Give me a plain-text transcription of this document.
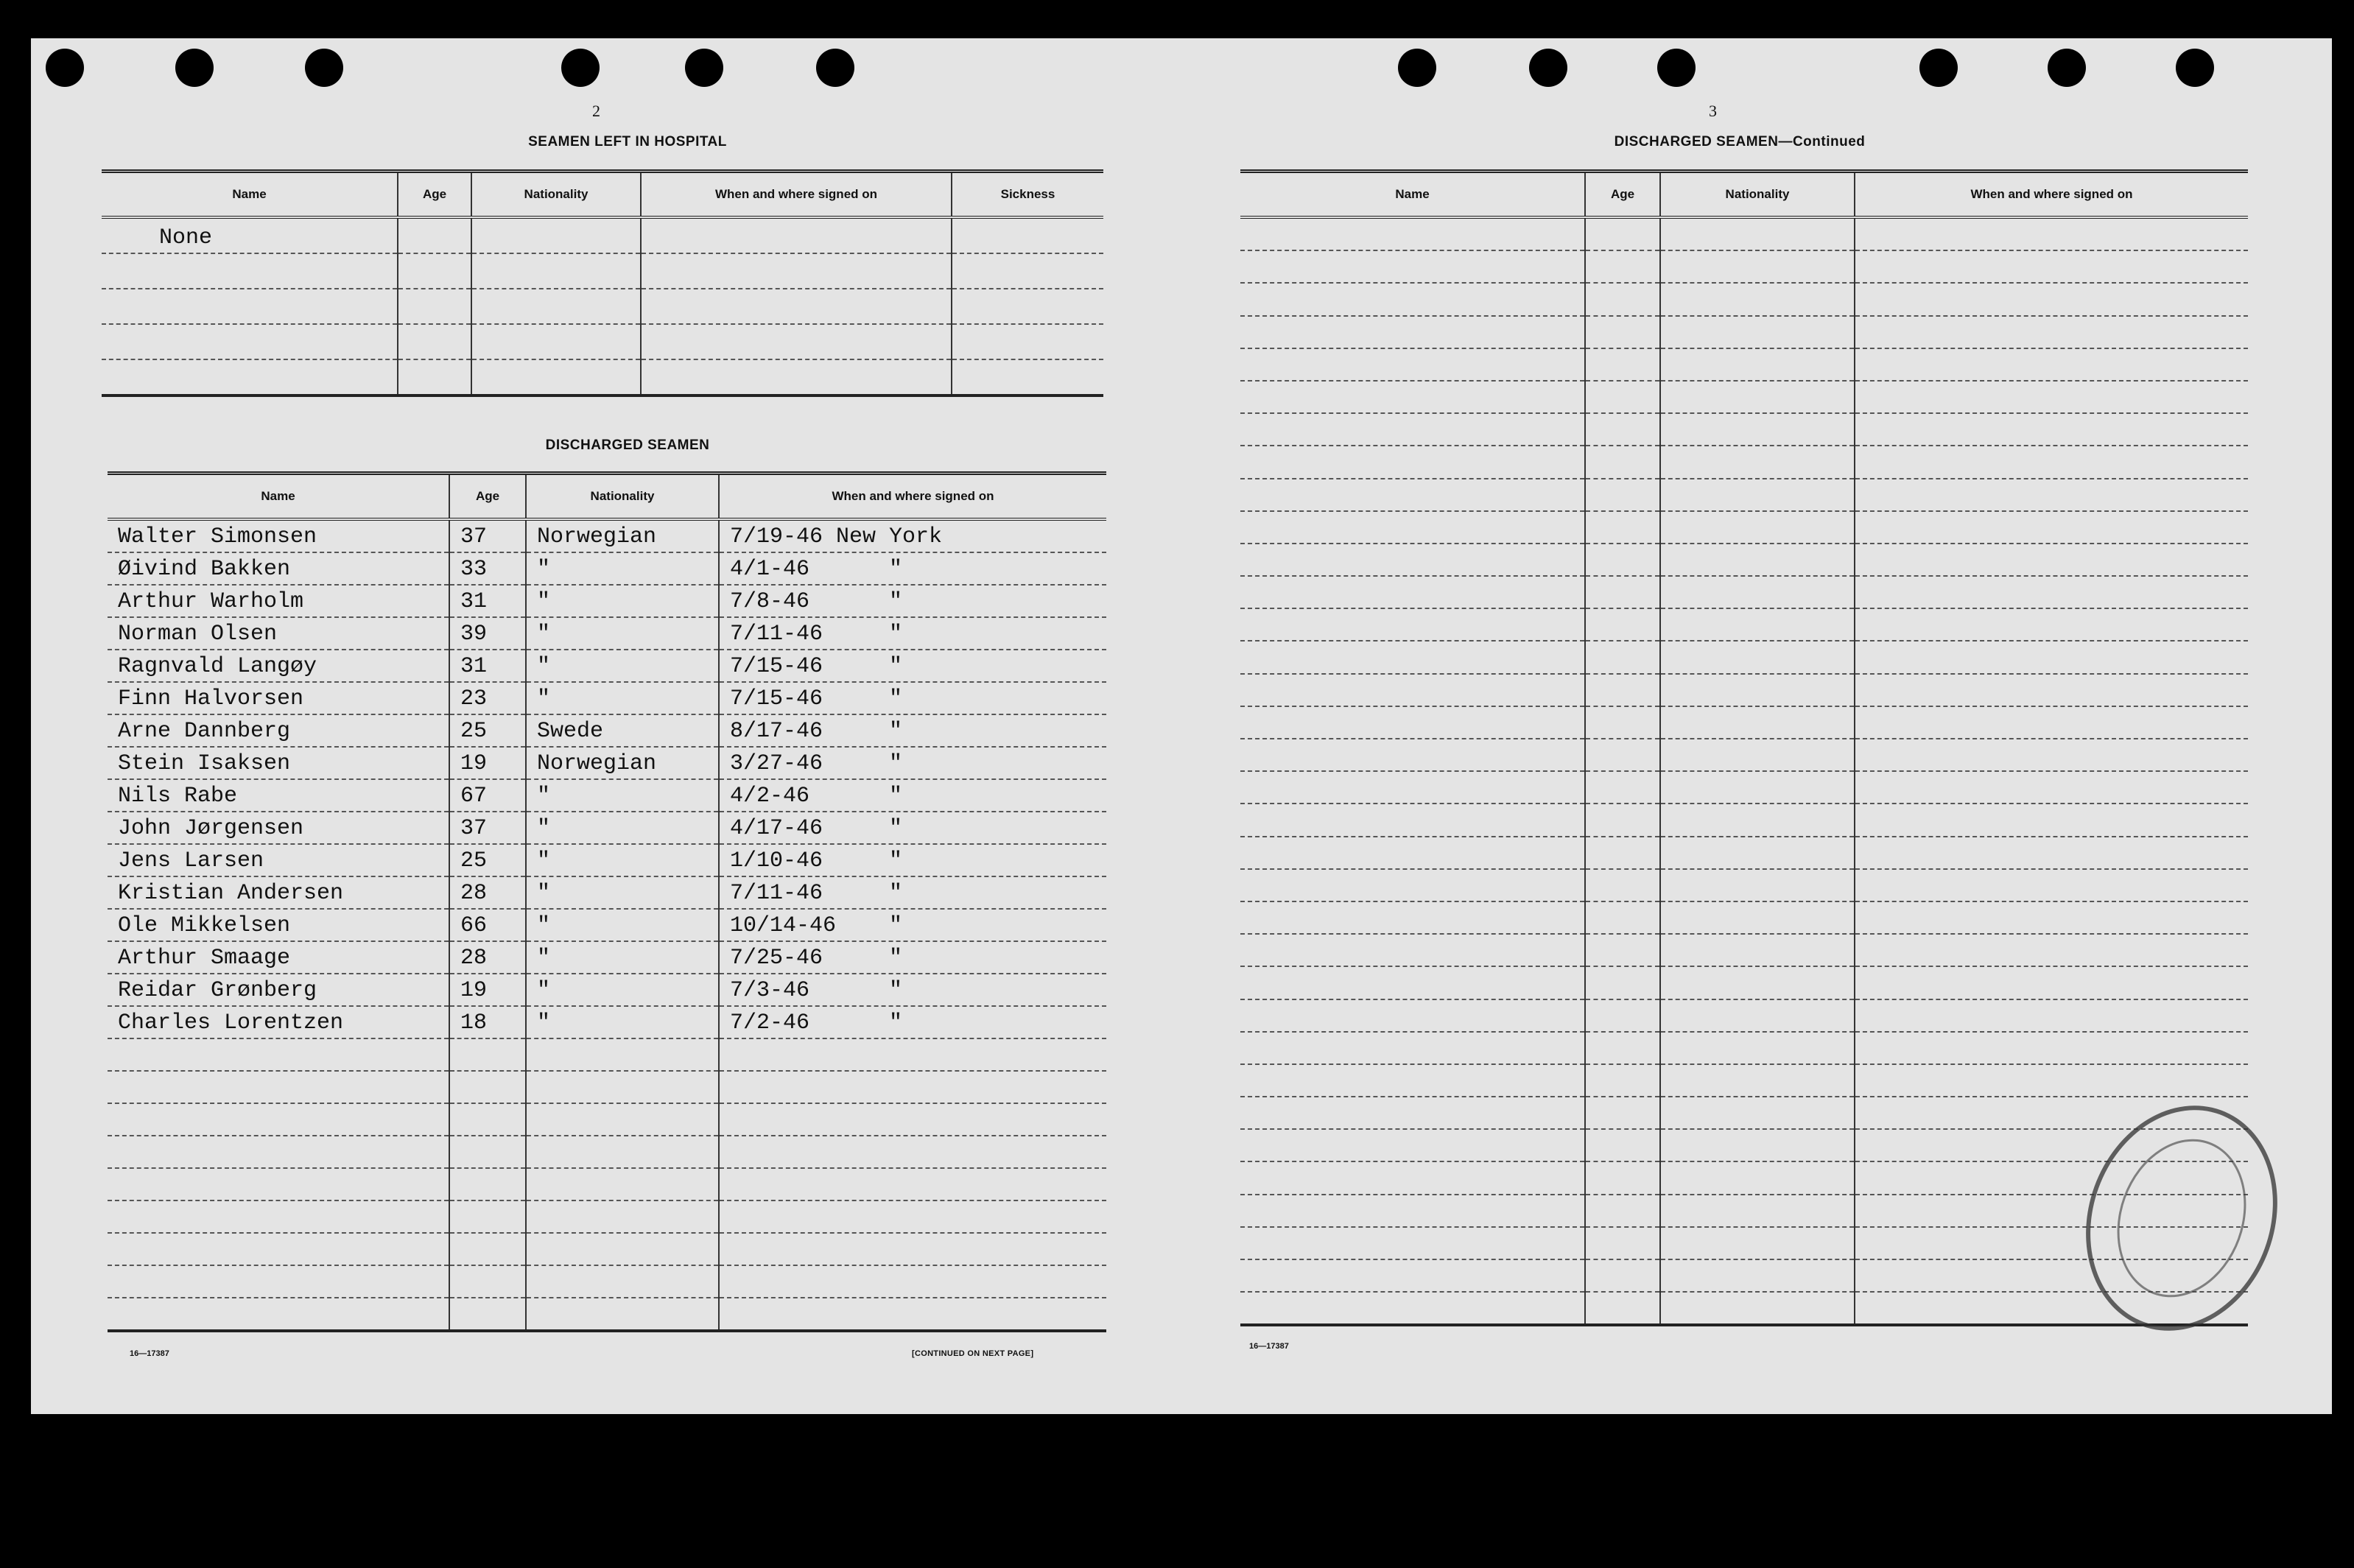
2
SEAMEN LEFT IN HOSPITAL
Name	Age	Nationality	When and where signed on	Sickness
None				

DISCHARGED SEAMEN
Name	Age	Nationality	When and where signed on
Walter Simonsen	37	Norwegian	7/19-46 New York
Øivind Bakken	33	"	4/1-46      "
Arthur Warholm	31	"	7/8-46      "
Norman Olsen	39	"	7/11-46     "
Ragnvald Langøy	31	"	7/15-46     "
Finn Halvorsen	23	"	7/15-46     "
Arne Dannberg	25	Swede	8/17-46     "
Stein Isaksen	19	Norwegian	3/27-46     "
Nils Rabe	67	"	4/2-46      "
John Jørgensen	37	"	4/17-46     "
Jens Larsen	25	"	1/10-46     "
Kristian Andersen	28	"	7/11-46     "
Ole Mikkelsen	66	"	10/14-46    "
Arthur Smaage	28	"	7/25-46     "
Reidar Grønberg	19	"	7/3-46      "
Charles Lorentzen	18	"	7/2-46      "

16—17387	[CONTINUED ON NEXT PAGE]
3
DISCHARGED SEAMEN—Continued
Name	Age	Nationality	When and where signed on

16—17387
